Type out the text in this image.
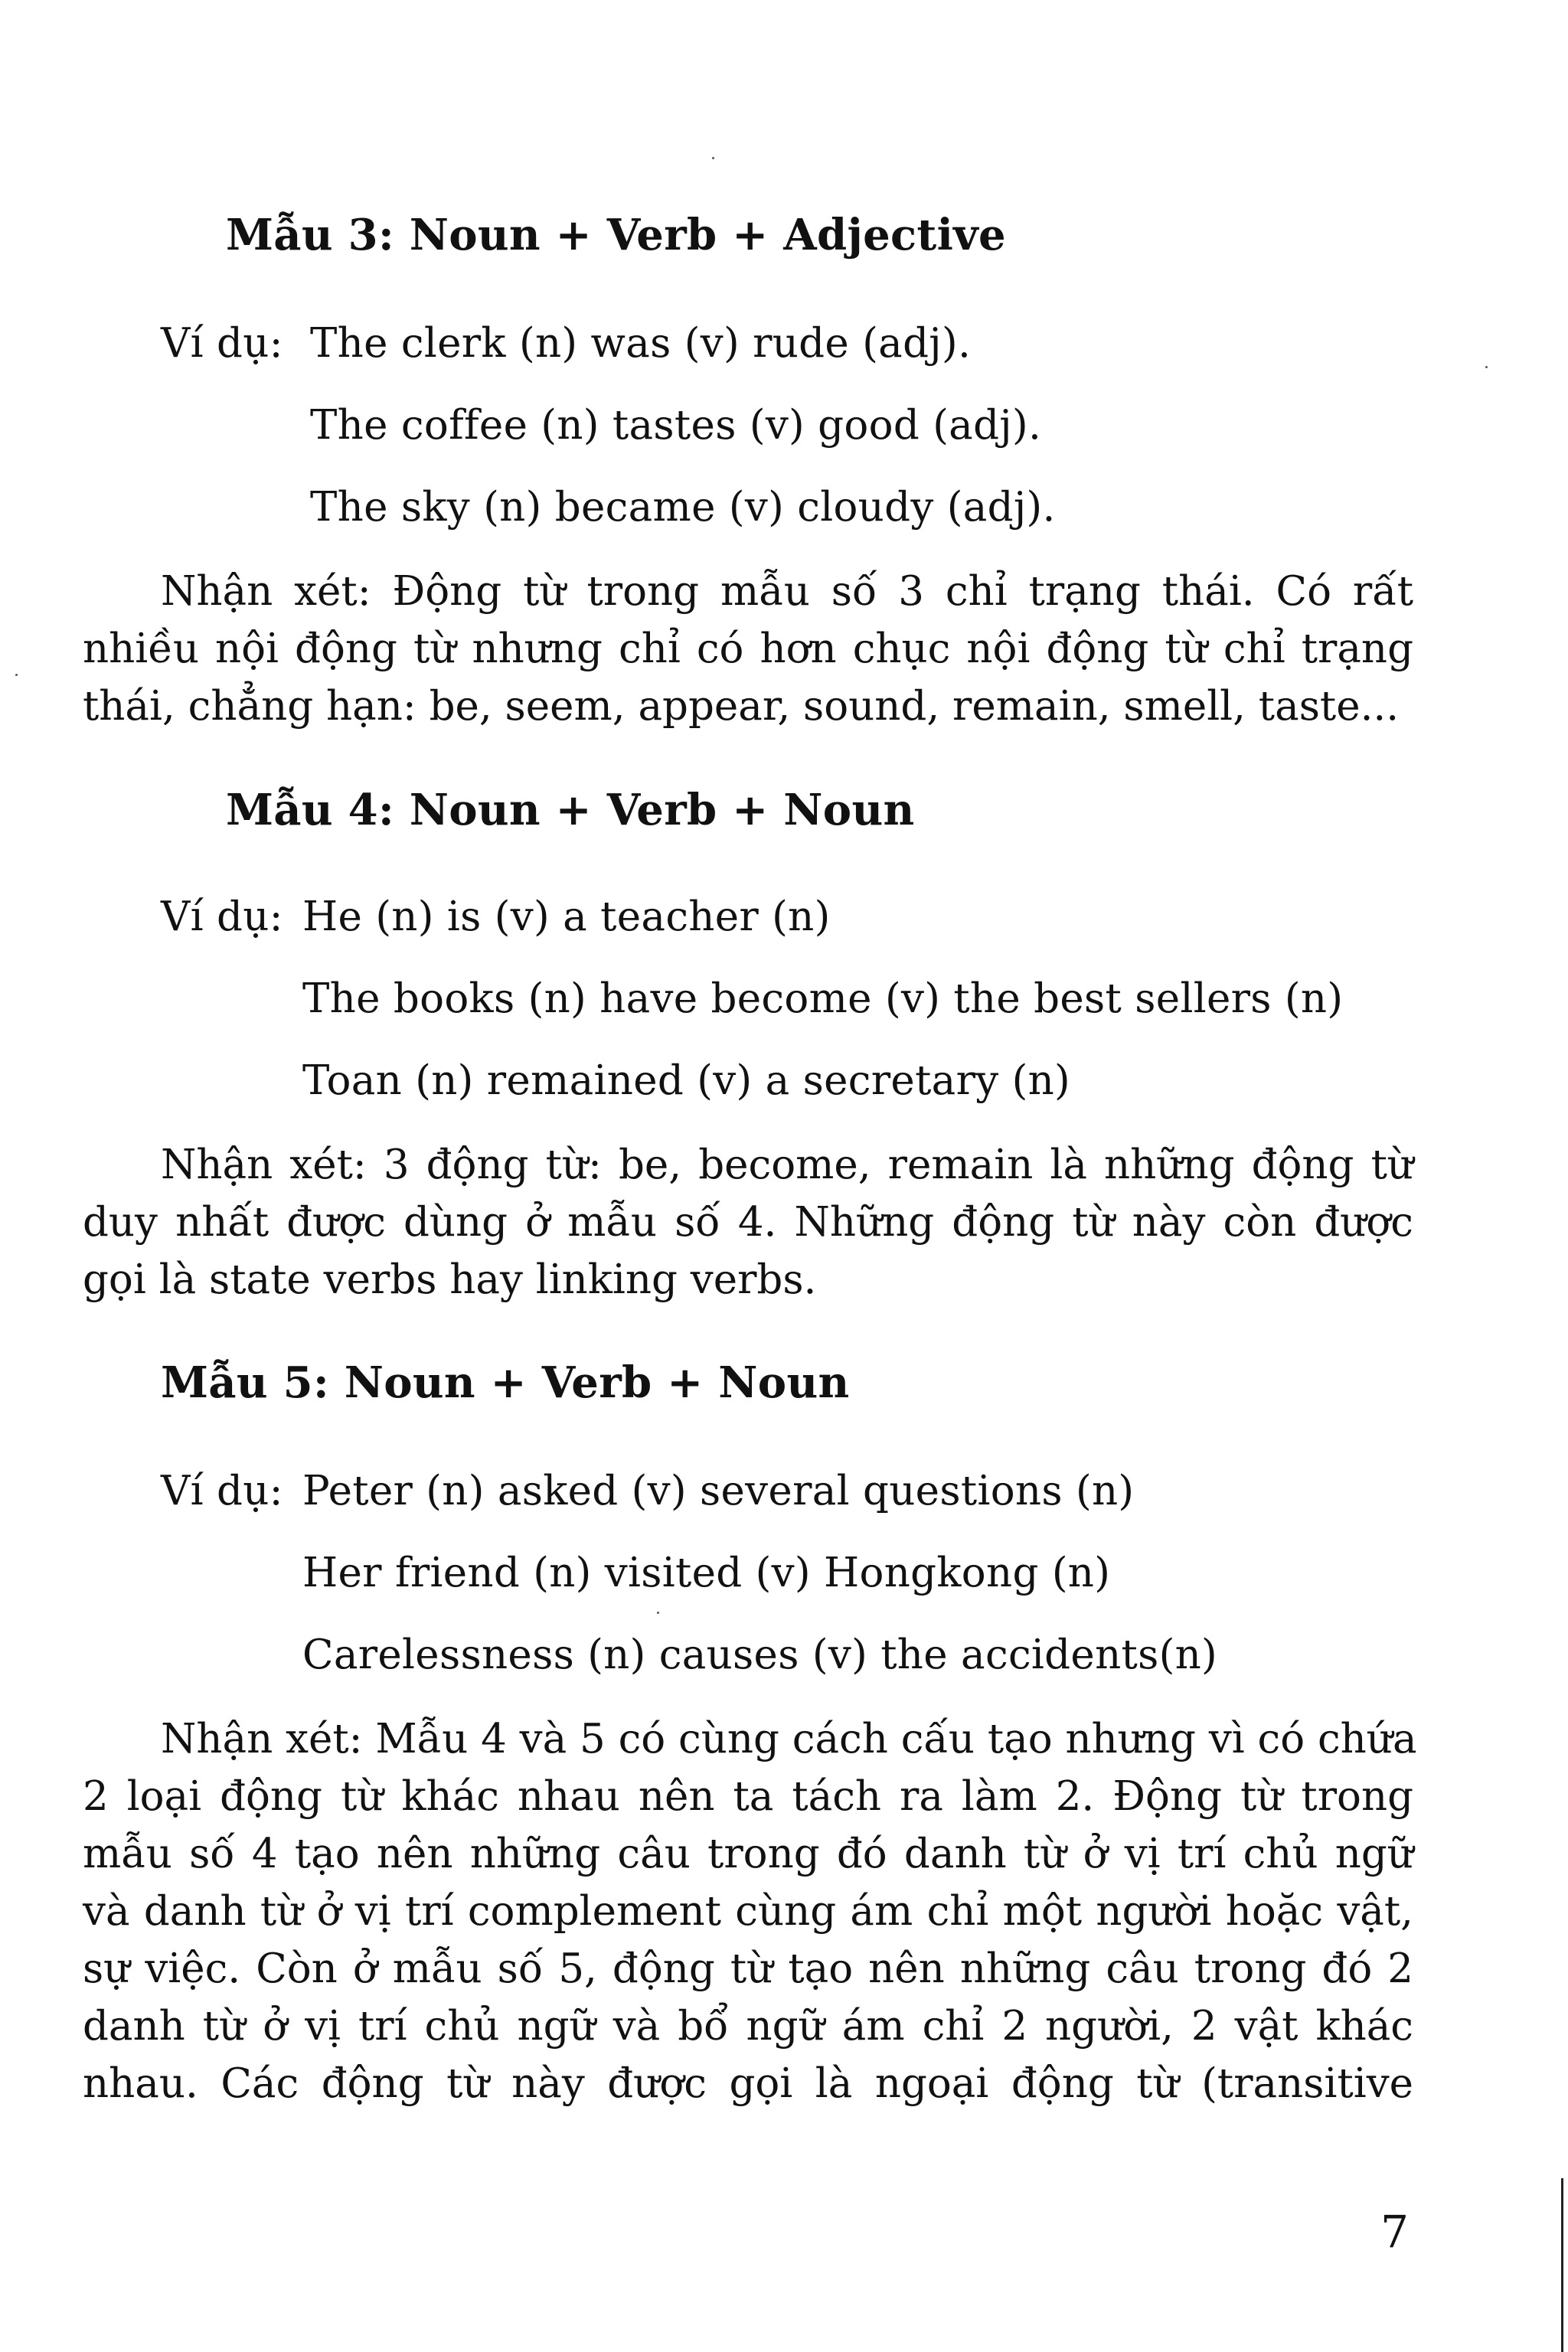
Mẫu 3: Noun + Verb + Adjective
Ví dụ: The clerk (n) was (v) rude (adj).
The coffee (n) tastes (v) good (adj).
The sky (n) became (v) cloudy (adj).
Nhận xét: Động từ trong mẫu số 3 chỉ trạng thái. Có rất
nhiều nội động từ nhưng chỉ có hơn chục nội động từ chỉ trạng
thái, chẳng hạn: be, seem, appear, sound, remain, smell, taste...
Mẫu 4: Noun + Verb + Noun
Ví dụ: He (n) is (v) a teacher (n)
The books (n) have become (v) the best sellers (n)
Toan (n) remained (v) a secretary (n)
Nhận xét: 3 động từ: be, become, remain là những động từ
duy nhất được dùng ở mẫu số 4. Những động từ này còn được
gọi là state verbs hay linking verbs.
Mẫu 5: Noun + Verb + Noun
Ví dụ: Peter (n) asked (v) several questions (n)
Her friend (n) visited (v) Hongkong (n)
Carelessness (n) causes (v) the accidents(n)
Nhận xét: Mẫu 4 và 5 có cùng cách cấu tạo nhưng vì có chứa
2 loại động từ khác nhau nên ta tách ra làm 2. Động từ trong
mẫu số 4 tạo nên những câu trong đó danh từ ở vị trí chủ ngữ
và danh từ ở vị trí complement cùng ám chỉ một người hoặc vật,
sự việc. Còn ở mẫu số 5, động từ tạo nên những câu trong đó 2
danh từ ở vị trí chủ ngữ và bổ ngữ ám chỉ 2 người, 2 vật khác
nhau. Các động từ này được gọi là ngoại động từ (transitive
7
